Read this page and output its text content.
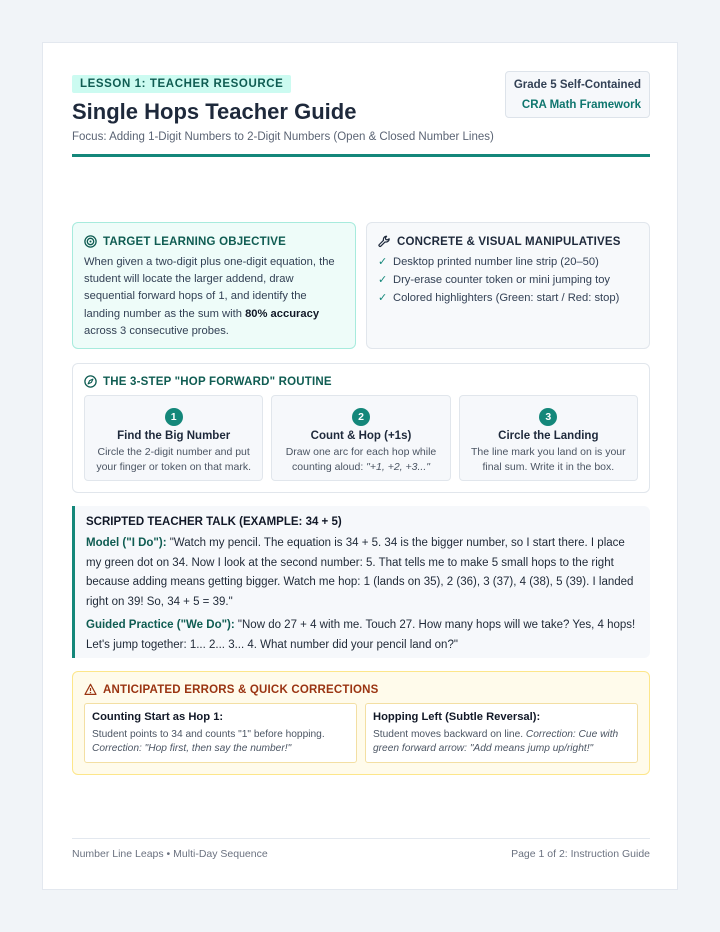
LESSON 1: TEACHER RESOURCE
Single Hops Teacher Guide
Focus: Adding 1-Digit Numbers to 2-Digit Numbers (Open & Closed Number Lines)
Grade 5 Self-Contained
CRA Math Framework
TARGET LEARNING OBJECTIVE
When given a two-digit plus one-digit equation, the student will locate the larger addend, draw sequential forward hops of 1, and identify the landing number as the sum with 80% accuracy across 3 consecutive probes.
CONCRETE & VISUAL MANIPULATIVES
✓ Desktop printed number line strip (20–50)
✓ Dry-erase counter token or mini jumping toy
✓ Colored highlighters (Green: start / Red: stop)
THE 3-STEP "HOP FORWARD" ROUTINE
1
Find the Big Number
Circle the 2-digit number and put your finger or token on that mark.
2
Count & Hop (+1s)
Draw one arc for each hop while counting aloud: "+1, +2, +3..."
3
Circle the Landing
The line mark you land on is your final sum. Write it in the box.
SCRIPTED TEACHER TALK (EXAMPLE: 34 + 5)

Model ("I Do"): "Watch my pencil. The equation is 34 + 5. 34 is the bigger number, so I start there. I place my green dot on 34. Now I look at the second number: 5. That tells me to make 5 small hops to the right because adding means getting bigger. Watch me hop: 1 (lands on 35), 2 (36), 3 (37), 4 (38), 5 (39). I landed right on 39! So, 34 + 5 = 39."

Guided Practice ("We Do"): "Now do 27 + 4 with me. Touch 27. How many hops will we take? Yes, 4 hops! Let's jump together: 1... 2... 3... 4. What number did your pencil land on?"

ANTICIPATED ERRORS & QUICK CORRECTIONS
Counting Start as Hop 1:
Student points to 34 and counts "1" before hopping. Correction: "Hop first, then say the number!"
Hopping Left (Subtle Reversal):
Student moves backward on line. Correction: Cue with green forward arrow: "Add means jump up/right!"
Number Line Leaps • Multi-Day Sequence	Page 1 of 2: Instruction Guide
